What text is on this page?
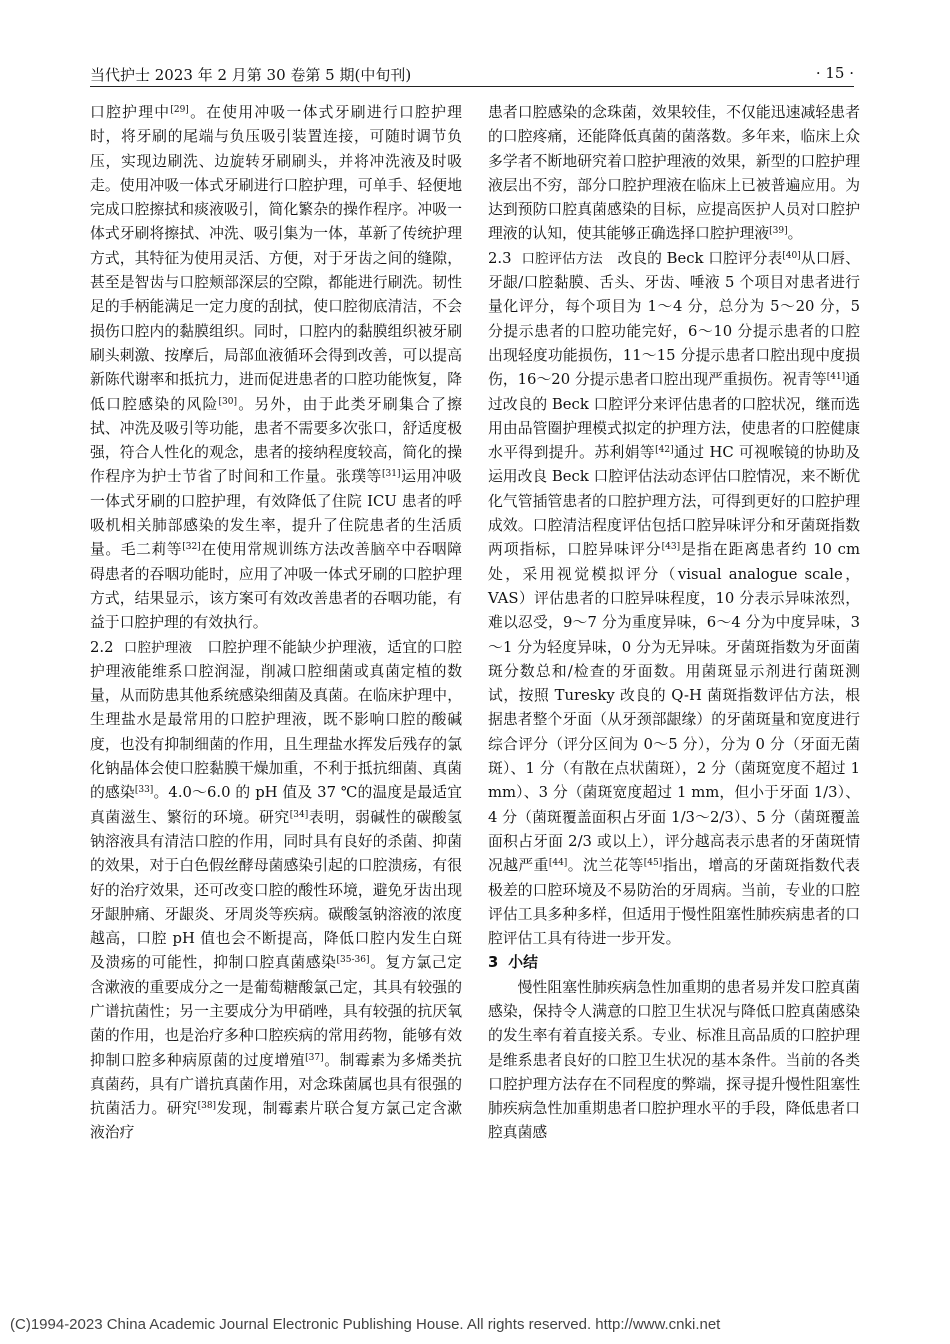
当代护士 2023 年 2 月第 30 卷第 5 期(中旬刊)	· 15 ·

口腔护理中[29]。在使用冲吸一体式牙刷进行口腔护理时，将牙刷的尾端与负压吸引装置连接，可随时调节负压，实现边刷洗、边旋转牙刷刷头，并将冲洗液及时吸走。使用冲吸一体式牙刷进行口腔护理，可单手、轻便地完成口腔擦拭和痰液吸引，简化繁杂的操作程序。冲吸一体式牙刷将擦拭、冲洗、吸引集为一体，革新了传统护理方式，其特征为使用灵活、方便，对于牙齿之间的缝隙，甚至是智齿与口腔颊部深层的空隙，都能进行刷洗。韧性足的手柄能满足一定力度的刮拭，使口腔彻底清洁，不会损伤口腔内的黏膜组织。同时，口腔内的黏膜组织被牙刷刷头刺激、按摩后，局部血液循环会得到改善，可以提高新陈代谢率和抵抗力，进而促进患者的口腔功能恢复，降低口腔感染的风险[30]。另外，由于此类牙刷集合了擦拭、冲洗及吸引等功能，患者不需要多次张口，舒适度极强，符合人性化的观念，患者的接纳程度较高，简化的操作程序为护士节省了时间和工作量。张璞等[31]运用冲吸一体式牙刷的口腔护理，有效降低了住院 ICU 患者的呼吸机相关肺部感染的发生率，提升了住院患者的生活质量。毛二莉等[32]在使用常规训练方法改善脑卒中吞咽障碍患者的吞咽功能时，应用了冲吸一体式牙刷的口腔护理方式，结果显示，该方案可有效改善患者的吞咽功能，有益于口腔护理的有效执行。

2.2 口腔护理液  口腔护理不能缺少护理液，适宜的口腔护理液能维系口腔润湿，削减口腔细菌或真菌定植的数量，从而防患其他系统感染细菌及真菌。在临床护理中，生理盐水是最常用的口腔护理液，既不影响口腔的酸碱度，也没有抑制细菌的作用，且生理盐水挥发后残存的氯化钠晶体会使口腔黏膜干燥加重，不利于抵抗细菌、真菌的感染[33]。4.0～6.0 的 pH 值及 37 ℃的温度是最适宜真菌滋生、繁衍的环境。研究[34]表明，弱碱性的碳酸氢钠溶液具有清洁口腔的作用，同时具有良好的杀菌、抑菌的效果，对于白色假丝酵母菌感染引起的口腔溃疡，有很好的治疗效果，还可改变口腔的酸性环境，避免牙齿出现牙龈肿痛、牙龈炎、牙周炎等疾病。碳酸氢钠溶液的浓度越高，口腔 pH 值也会不断提高，降低口腔内发生白斑及溃疡的可能性，抑制口腔真菌感染[35-36]。复方氯己定含漱液的重要成分之一是葡萄糖酸氯己定，其具有较强的广谱抗菌性；另一主要成分为甲硝唑，具有较强的抗厌氧菌的作用，也是治疗多种口腔疾病的常用药物，能够有效抑制口腔多种病原菌的过度增殖[37]。制霉素为多烯类抗真菌药，具有广谱抗真菌作用，对念珠菌属也具有很强的抗菌活力。研究[38]发现，制霉素片联合复方氯己定含漱液治疗

患者口腔感染的念珠菌，效果较佳，不仅能迅速减轻患者的口腔疼痛，还能降低真菌的菌落数。多年来，临床上众多学者不断地研究着口腔护理液的效果，新型的口腔护理液层出不穷，部分口腔护理液在临床上已被普遍应用。为达到预防口腔真菌感染的目标，应提高医护人员对口腔护理液的认知，使其能够正确选择口腔护理液[39]。

2.3 口腔评估方法  改良的 Beck 口腔评分表[40]从口唇、牙龈/口腔黏膜、舌头、牙齿、唾液 5 个项目对患者进行量化评分，每个项目为 1～4 分，总分为 5～20 分，5 分提示患者的口腔功能完好，6～10 分提示患者的口腔出现轻度功能损伤，11～15 分提示患者口腔出现中度损伤，16～20 分提示患者口腔出现严重损伤。祝青等[41]通过改良的 Beck 口腔评分来评估患者的口腔状况，继而选用由品管圈护理模式拟定的护理方法，使患者的口腔健康水平得到提升。苏利娟等[42]通过 HC 可视喉镜的协助及运用改良 Beck 口腔评估法动态评估口腔情况，来不断优化气管插管患者的口腔护理方法，可得到更好的口腔护理成效。口腔清洁程度评估包括口腔异味评分和牙菌斑指数两项指标，口腔异味评分[43]是指在距离患者约 10 cm 处，采用视觉模拟评分（visual analogue scale，VAS）评估患者的口腔异味程度，10 分表示异味浓烈，难以忍受，9～7 分为重度异味，6～4 分为中度异味，3～1 分为轻度异味，0 分为无异味。牙菌斑指数为牙面菌斑分数总和/检查的牙面数。用菌斑显示剂进行菌斑测试，按照 Turesky 改良的 Q-H 菌斑指数评估方法，根据患者整个牙面（从牙颈部龈缘）的牙菌斑量和宽度进行综合评分（评分区间为 0～5 分），分为 0 分（牙面无菌斑）、1 分（有散在点状菌斑），2 分（菌斑宽度不超过 1 mm）、3 分（菌斑宽度超过 1 mm，但小于牙面 1/3）、4 分（菌斑覆盖面积占牙面 1/3～2/3）、5 分（菌斑覆盖面积占牙面 2/3 或以上），评分越高表示患者的牙菌斑情况越严重[44]。沈兰花等[45]指出，增高的牙菌斑指数代表极差的口腔环境及不易防治的牙周病。当前，专业的口腔评估工具多种多样，但适用于慢性阻塞性肺疾病患者的口腔评估工具有待进一步开发。

3 小结

慢性阻塞性肺疾病急性加重期的患者易并发口腔真菌感染，保持令人满意的口腔卫生状况与降低口腔真菌感染的发生率有着直接关系。专业、标准且高品质的口腔护理是维系患者良好的口腔卫生状况的基本条件。当前的各类口腔护理方法存在不同程度的弊端，探寻提升慢性阻塞性肺疾病急性加重期患者口腔护理水平的手段，降低患者口腔真菌感

(C)1994-2023 China Academic Journal Electronic Publishing House. All rights reserved. http://www.cnki.net
